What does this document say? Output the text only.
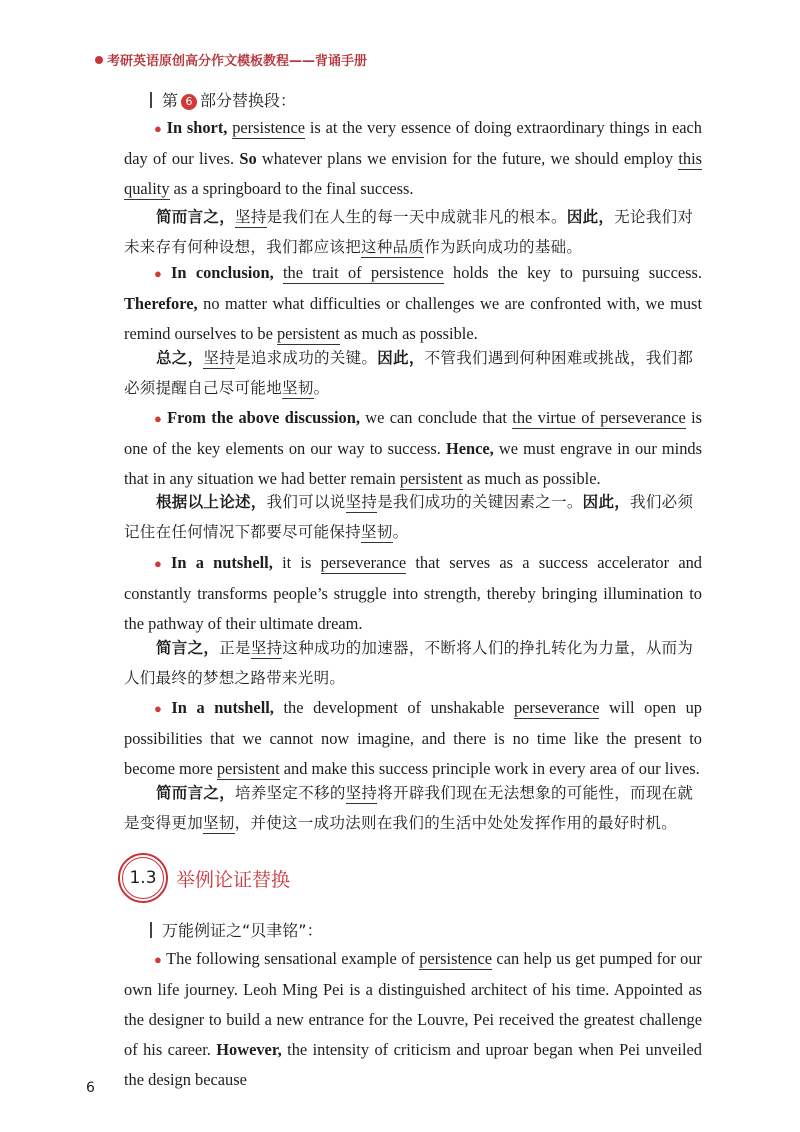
考研英语原创高分作文模板教程——背诵手册
第 6 部分替换段：
● In short, persistence is at the very essence of doing extraordinary things in each day of our lives. So whatever plans we envision for the future, we should employ this quality as a springboard to the final success.
简而言之，坚持是我们在人生的每一天中成就非凡的根本。因此，无论我们对未来存有何种设想，我们都应该把这种品质作为跃向成功的基础。
● In conclusion, the trait of persistence holds the key to pursuing success. Therefore, no matter what difficulties or challenges we are confronted with, we must remind ourselves to be persistent as much as possible.
总之，坚持是追求成功的关键。因此，不管我们遇到何种困难或挑战，我们都必须提醒自己尽可能地坚韧。
● From the above discussion, we can conclude that the virtue of perseverance is one of the key elements on our way to success. Hence, we must engrave in our minds that in any situation we had better remain persistent as much as possible.
根据以上论述，我们可以说坚持是我们成功的关键因素之一。因此，我们必须记住在任何情况下都要尽可能保持坚韧。
● In a nutshell, it is perseverance that serves as a success accelerator and constantly transforms people’s struggle into strength, thereby bringing illumination to the pathway of their ultimate dream.
简言之，正是坚持这种成功的加速器，不断将人们的挣扎转化为力量，从而为人们最终的梦想之路带来光明。
● In a nutshell, the development of unshakable perseverance will open up possibilities that we cannot now imagine, and there is no time like the present to become more persistent and make this success principle work in every area of our lives.
简而言之，培养坚定不移的坚持将开辟我们现在无法想象的可能性，而现在就是变得更加坚韧，并使这一成功法则在我们的生活中处处发挥作用的最好时机。
1.3	举例论证替换
万能例证之“贝聿铭”：
● The following sensational example of persistence can help us get pumped for our own life journey. Leoh Ming Pei is a distinguished architect of his time. Appointed as the designer to build a new entrance for the Louvre, Pei received the greatest challenge of his career. However, the intensity of criticism and uproar began when Pei unveiled the design because
6
